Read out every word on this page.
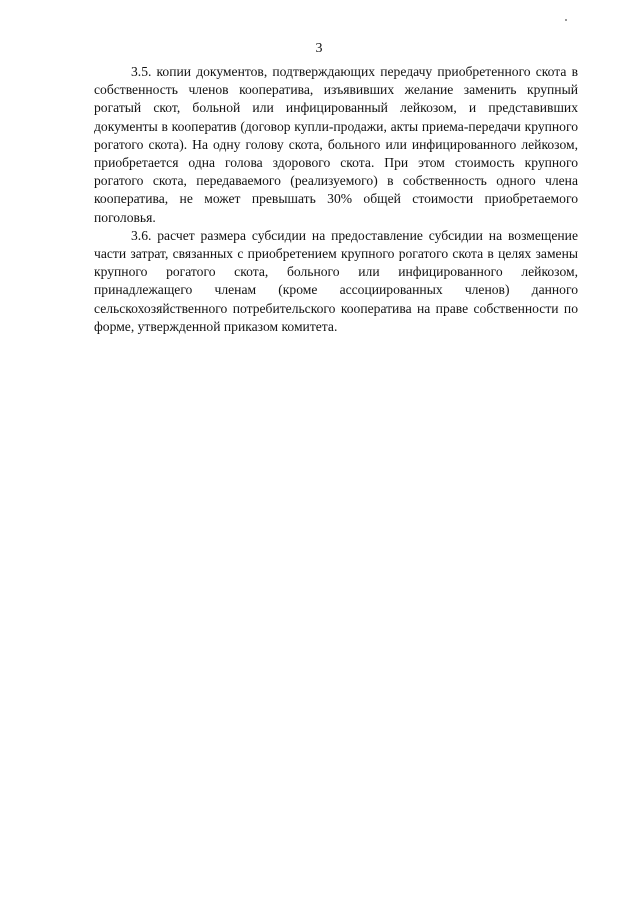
3

3.5. копии документов, подтверждающих передачу приобретенного скота в собственность членов кооператива, изъявивших желание заменить крупный рогатый скот, больной или инфицированный лейкозом, и представивших документы в кооператив (договор купли-продажи, акты приема-передачи крупного рогатого скота). На одну голову скота, больного или инфицированного лейкозом, приобретается одна голова здорового скота. При этом стоимость крупного рогатого скота, передаваемого (реализуемого) в собственность одного члена кооператива, не может превышать 30% общей стоимости приобретаемого поголовья.

3.6. расчет размера субсидии на предоставление субсидии на возмещение части затрат, связанных с приобретением крупного рогатого скота в целях замены крупного рогатого скота, больного или инфицированного лейкозом, принадлежащего членам (кроме ассоциированных членов) данного сельскохозяйственного потребительского кооператива на праве собственности по форме, утвержденной приказом комитета.
